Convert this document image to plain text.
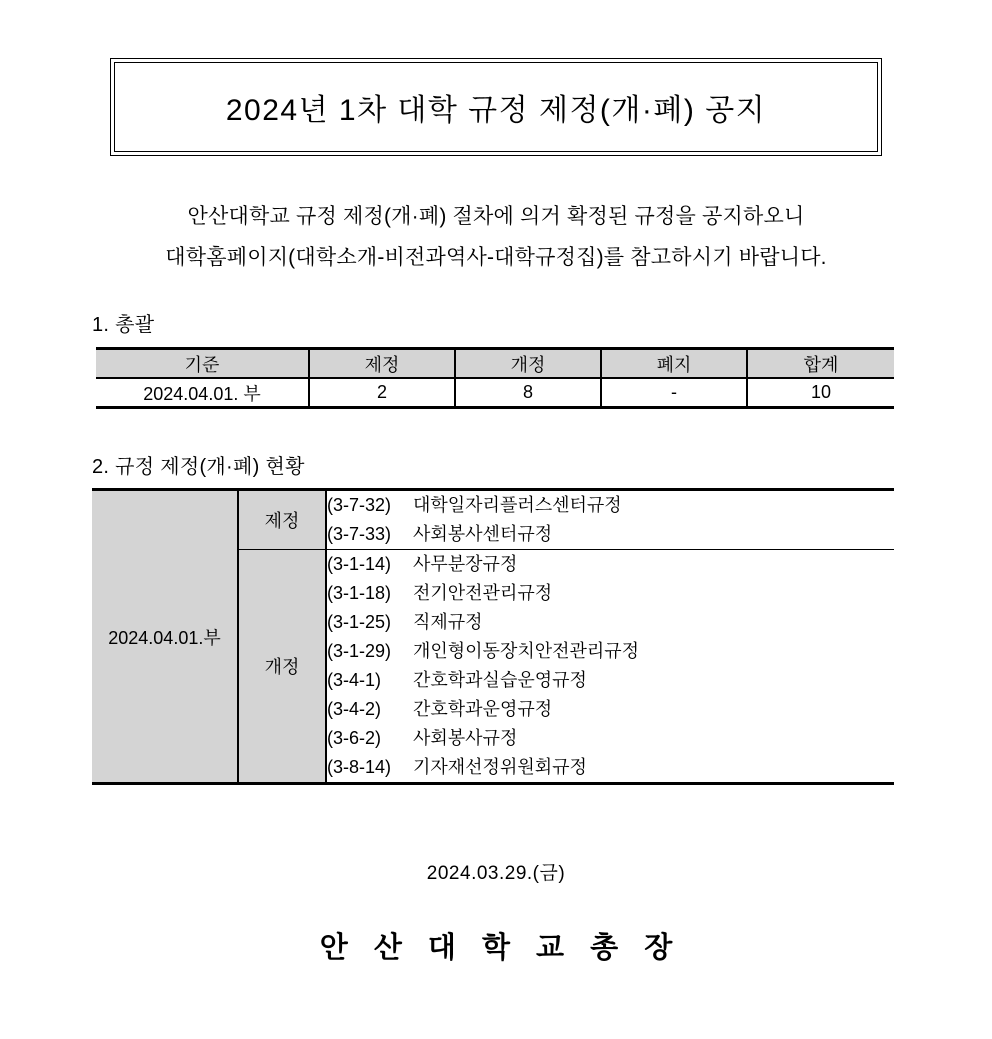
2024년 1차 대학 규정 제정(개·폐) 공지
안산대학교 규정 제정(개·폐) 절차에 의거 확정된 규정을 공지하오니
대학홈페이지(대학소개-비전과역사-대학규정집)를 참고하시기 바랍니다.
1. 총괄
기준	제정	개정	폐지	합계
2024.04.01. 부	2	8	-	10
2. 규정 제정(개·폐) 현황
2024.04.01.부	제정	(3-7-32) 대학일자리플러스센터규정
(3-7-33) 사회봉사센터규정

개정	
(3-1-14) 사무분장규정
(3-1-18) 전기안전관리규정
(3-1-25) 직제규정
(3-1-29) 개인형이동장치안전관리규정
(3-4-1) 간호학과실습운영규정
(3-4-2) 간호학과운영규정
(3-6-2) 사회봉사규정
(3-8-14) 기자재선정위원회규정
2024.03.29.(금)
안 산 대 학 교 총 장
